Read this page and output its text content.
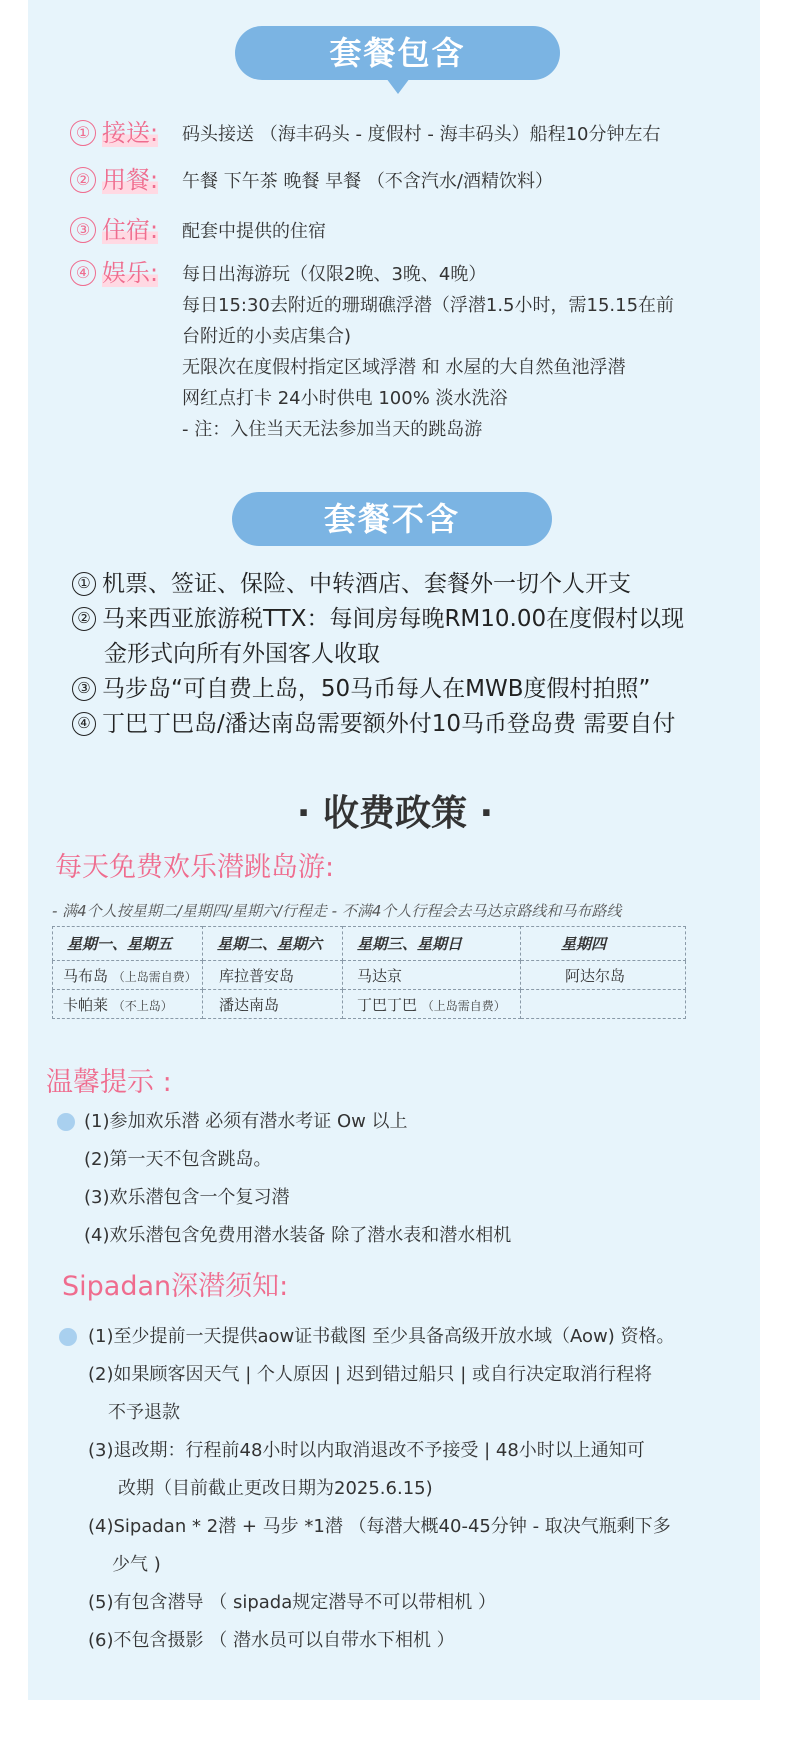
套餐包含
① 接送: 码头接送 （海丰码头 - 度假村 - 海丰码头）船程10分钟左右
② 用餐: 午餐 下午茶 晚餐 早餐 （不含汽水/酒精饮料）
③ 住宿: 配套中提供的住宿
④ 娱乐: 每日出海游玩（仅限2晚、3晚、4晚）
每日15:30去附近的珊瑚礁浮潜（浮潜1.5小时，需15.15在前
台附近的小卖店集合)
无限次在度假村指定区域浮潜 和 水屋的大自然鱼池浮潜
网红点打卡 24小时供电 100% 淡水洗浴
- 注：入住当天无法参加当天的跳岛游
套餐不含
① 机票、签证、保险、中转酒店、套餐外一切个人开支
② 马来西亚旅游税TTX：每间房每晚RM10.00在度假村以现
金形式向所有外国客人收取
③ 马步岛“可自费上岛，50马币每人在MWB度假村拍照”
④ 丁巴丁巴岛/潘达南岛需要额外付10马币登岛费 需要自付
· 收费政策 ·
每天免费欢乐潜跳岛游:
- 满4个人按星期二/星期四/星期六/行程走 - 不满4个人行程会去马达京路线和马布路线
星期一、星期五	星期二、星期六	星期三、星期日	星期四
马布岛 （上岛需自费）	库拉普安岛	马达京	阿达尔岛
卡帕莱 （不上岛）	潘达南岛	丁巴丁巴 （上岛需自费）	
温馨提示 :
(1)参加欢乐潜 必须有潜水考证 Ow 以上
(2)第一天不包含跳岛。
(3)欢乐潜包含一个复习潜
(4)欢乐潜包含免费用潜水装备 除了潜水表和潜水相机
Sipadan深潜须知:
(1)至少提前一天提供aow证书截图 至少具备高级开放水域（Aow) 资格。
(2)如果顾客因天气 | 个人原因 | 迟到错过船只 | 或自行决定取消行程将
不予退款
(3)退改期：行程前48小时以内取消退改不予接受 | 48小时以上通知可
改期（目前截止更改日期为2025.6.15)
(4)Sipadan * 2潜 + 马步 *1潜 （每潜大概40-45分钟 - 取决气瓶剩下多
少气 )
(5)有包含潜导 （ sipada规定潜导不可以带相机 ）
(6)不包含摄影 （ 潜水员可以自带水下相机 ）
